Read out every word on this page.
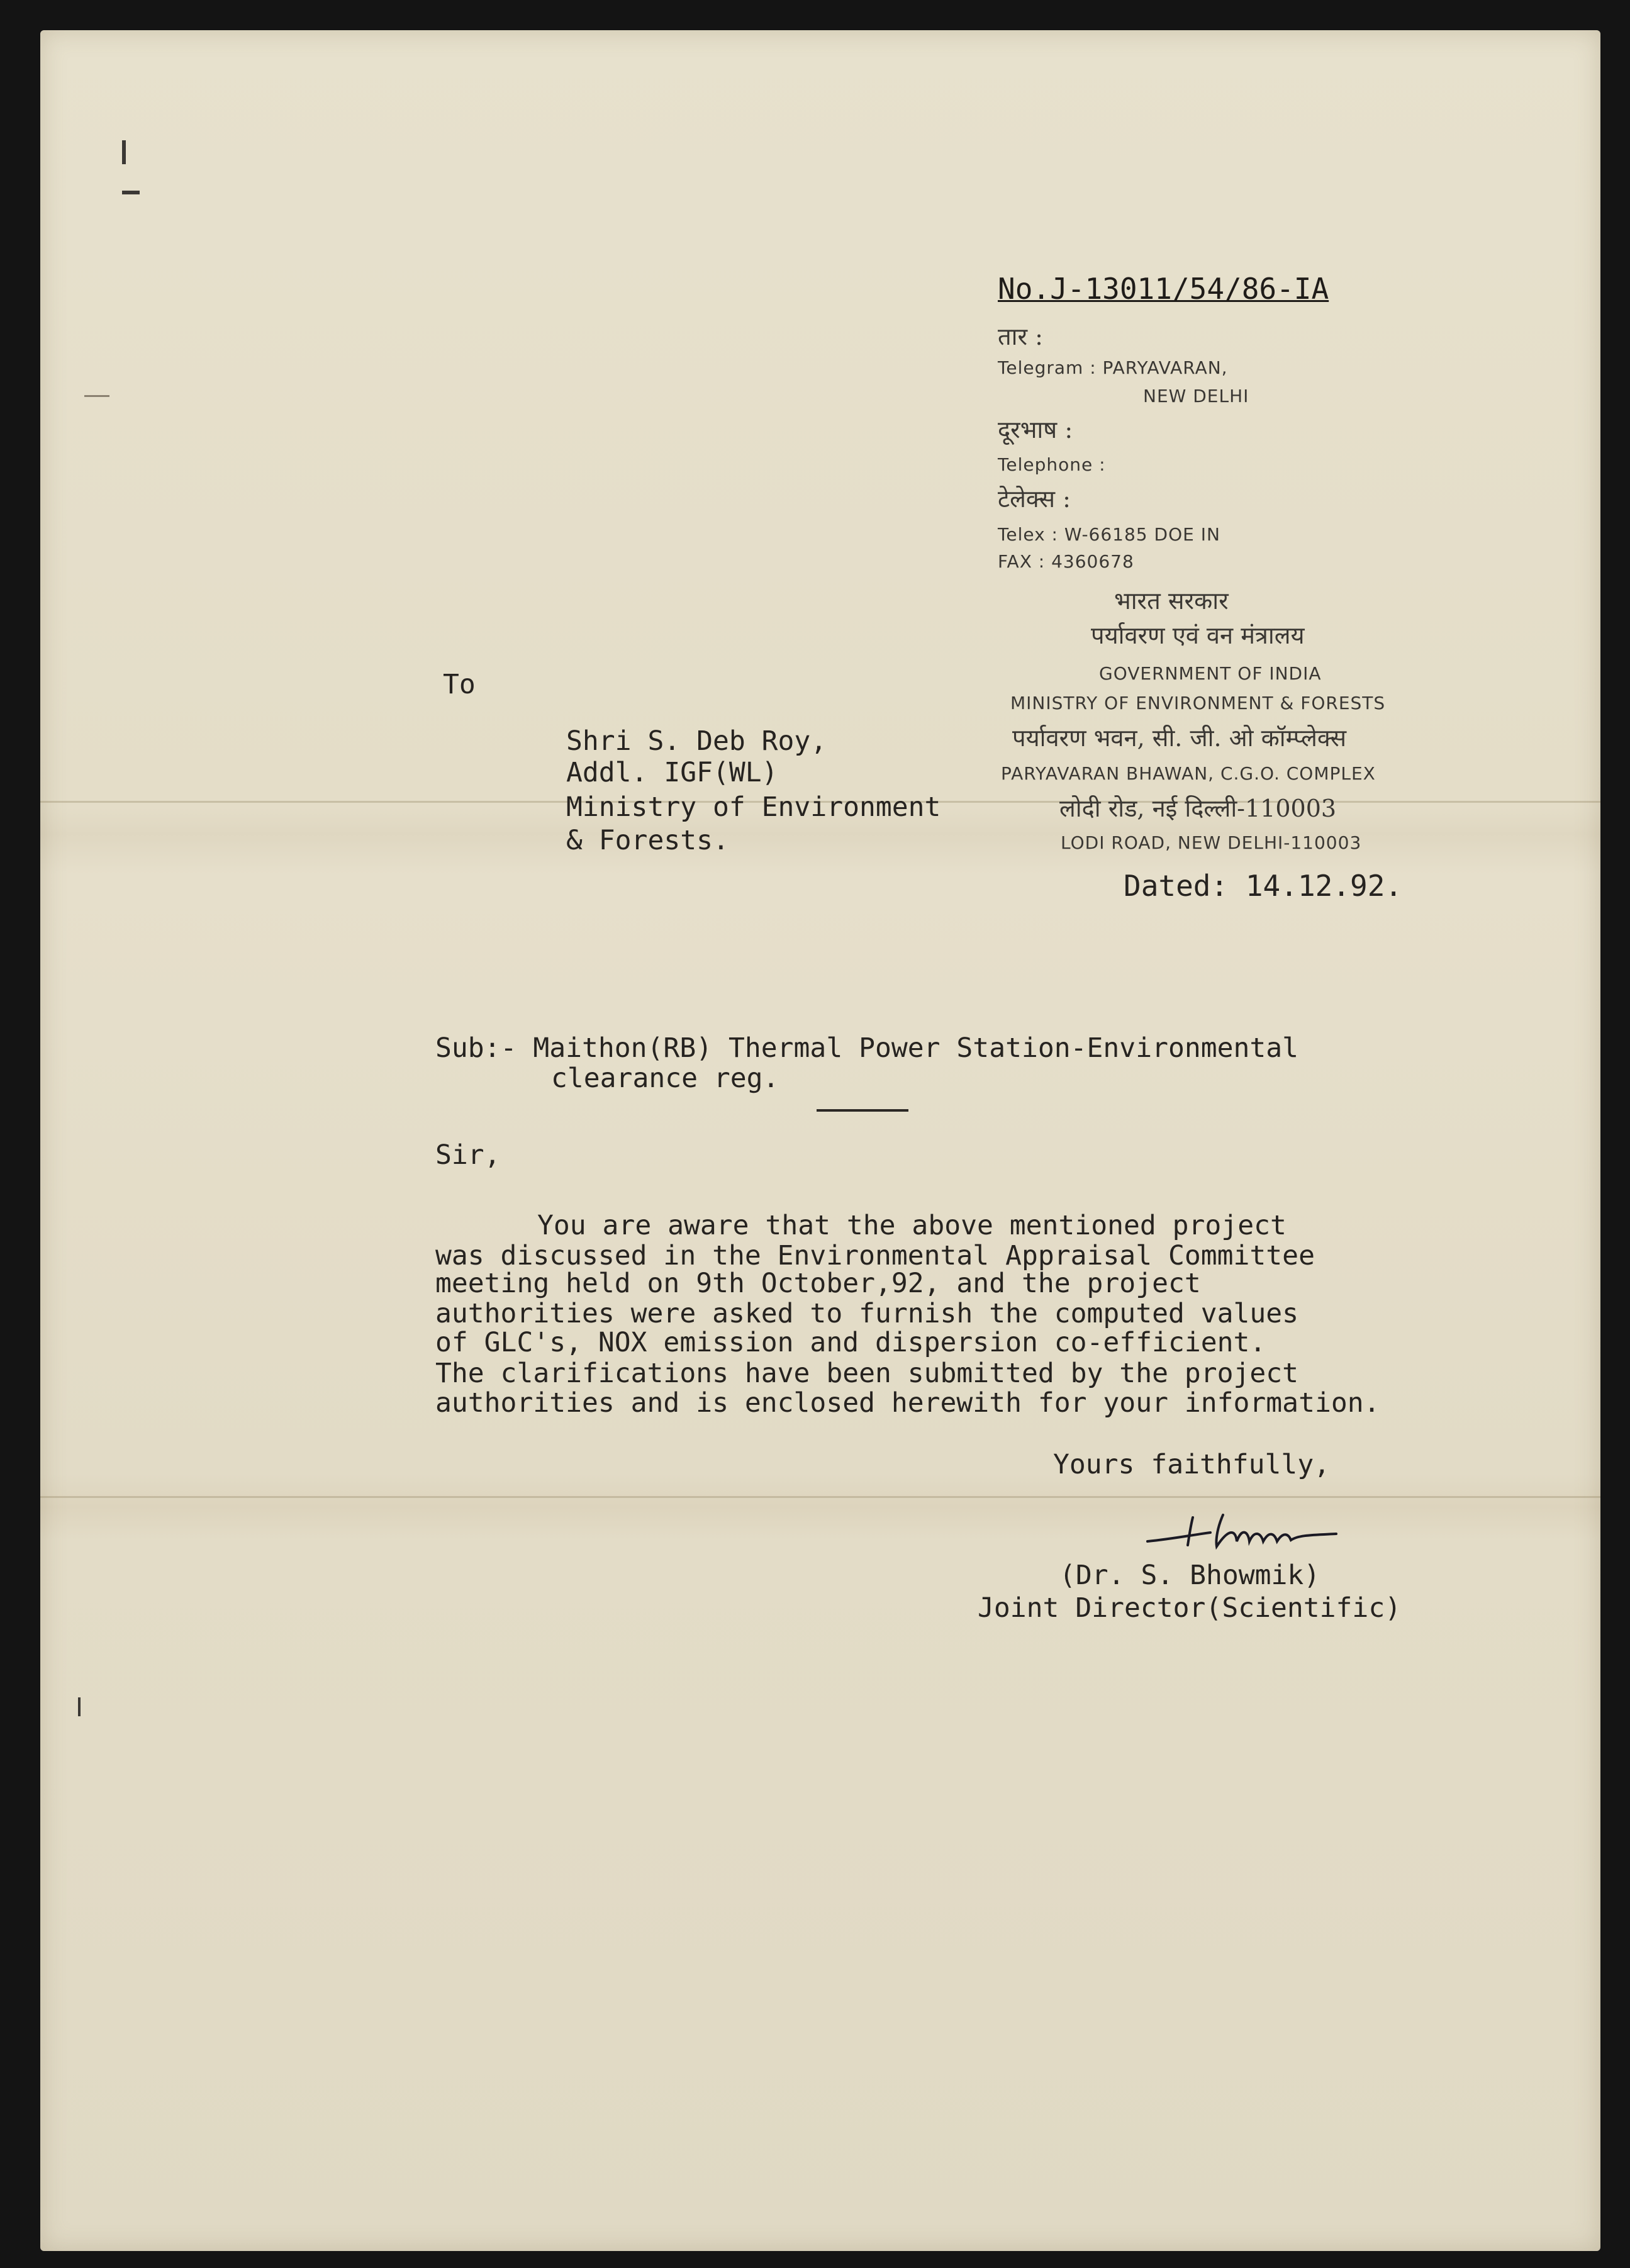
No.J-13011/54/86-IA
तार :
Telegram : PARYAVARAN,
NEW DELHI
दूरभाष :
Telephone :
टेलेक्स :
Telex : W-66185 DOE IN
FAX : 4360678
भारत सरकार
पर्यावरण एवं वन मंत्रालय
GOVERNMENT OF INDIA
MINISTRY OF ENVIRONMENT & FORESTS
पर्यावरण भवन, सी. जी. ओ कॉम्प्लेक्स
PARYAVARAN BHAWAN, C.G.O. COMPLEX
लोदी रोड, नई दिल्ली-110003
LODI ROAD, NEW DELHI-110003
Dated: 14.12.92.
To
Shri S. Deb Roy,
Addl. IGF(WL)
Ministry of Environment
& Forests.
Sub:- Maithon(RB) Thermal Power Station-Environmental
clearance reg.
Sir,
You are aware that the above mentioned project
was discussed in the Environmental Appraisal Committee
meeting held on 9th October,92, and the project
authorities were asked to furnish the computed values
of GLC's, NOX emission and dispersion co-efficient.
The clarifications have been submitted by the project
authorities and is enclosed herewith for your information.
Yours faithfully,
(Dr. S. Bhowmik)
Joint Director(Scientific)
